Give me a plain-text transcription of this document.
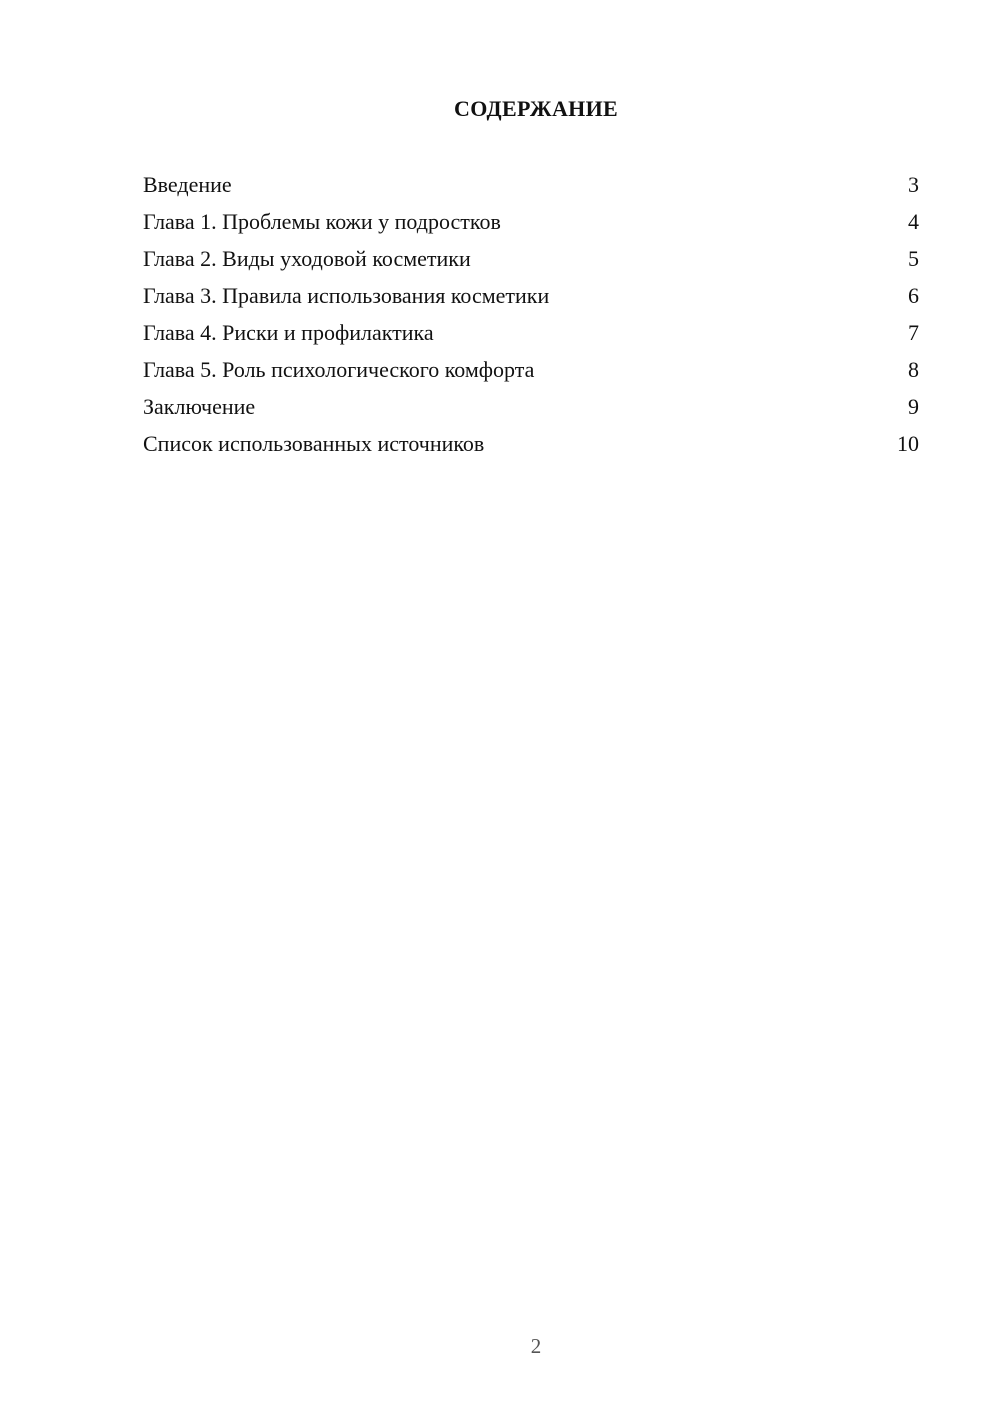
СОДЕРЖАНИЕ
Введение	3
Глава 1. Проблемы кожи у подростков	4
Глава 2. Виды уходовой косметики	5
Глава 3. Правила использования косметики	6
Глава 4. Риски и профилактика	7
Глава 5. Роль психологического комфорта	8
Заключение	9
Список использованных источников	10
2
